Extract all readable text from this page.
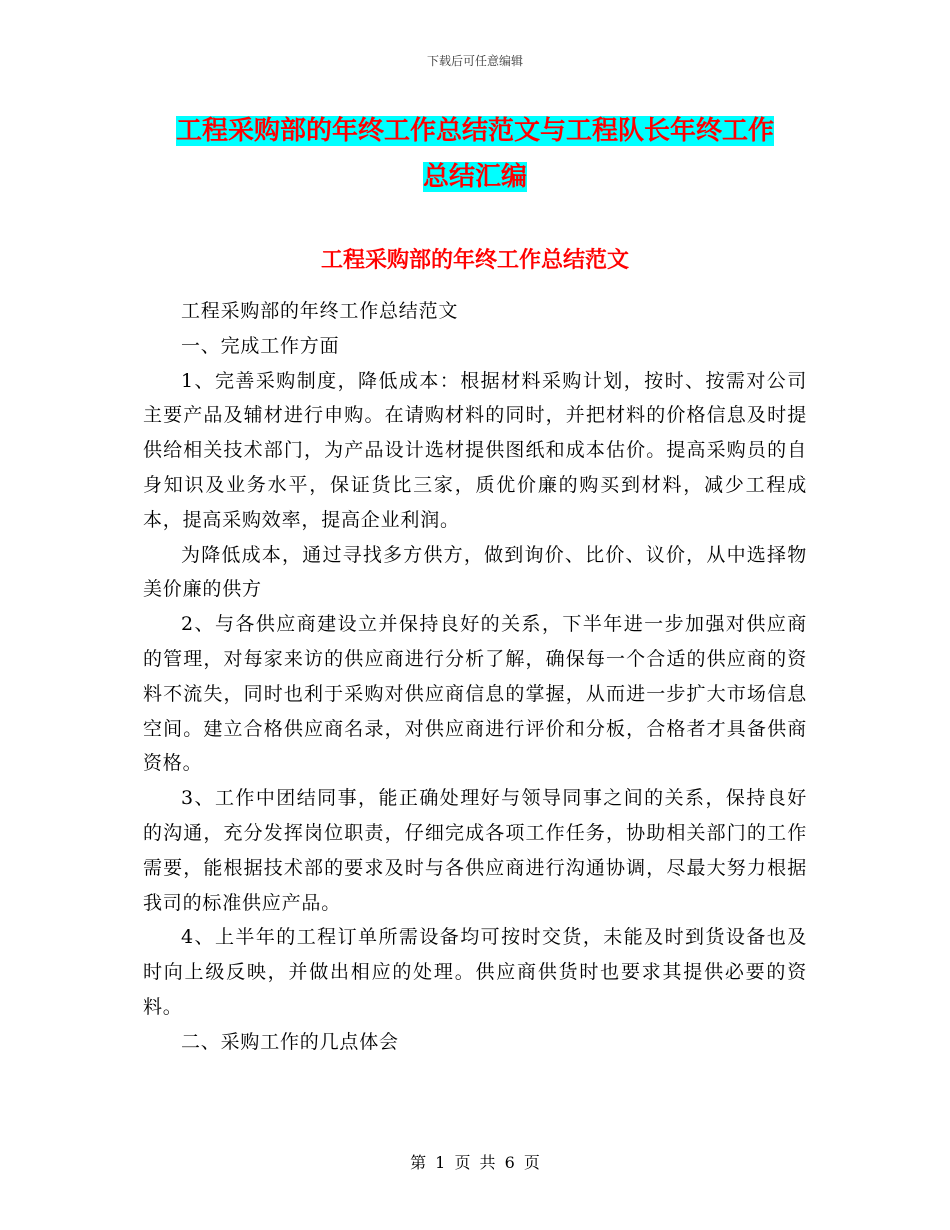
下载后可任意编辑
工程采购部的年终工作总结范文与工程队长年终工作
总结汇编
工程采购部的年终工作总结范文

工程采购部的年终工作总结范文

一、完成工作方面

1、完善采购制度，降低成本：根据材料采购计划，按时、按需对公司主要产品及辅材进行申购。在请购材料的同时，并把材料的价格信息及时提供给相关技术部门，为产品设计选材提供图纸和成本估价。提高采购员的自身知识及业务水平，保证货比三家，质优价廉的购买到材料，减少工程成本，提高采购效率，提高企业利润。

为降低成本，通过寻找多方供方，做到询价、比价、议价，从中选择物美价廉的供方

2、与各供应商建设立并保持良好的关系，下半年进一步加强对供应商的管理，对每家来访的供应商进行分析了解，确保每一个合适的供应商的资料不流失，同时也利于采购对供应商信息的掌握，从而进一步扩大市场信息空间。建立合格供应商名录，对供应商进行评价和分板，合格者才具备供商资格。

3、工作中团结同事，能正确处理好与领导同事之间的关系，保持良好的沟通，充分发挥岗位职责，仔细完成各项工作任务，协助相关部门的工作需要，能根据技术部的要求及时与各供应商进行沟通协调，尽最大努力根据我司的标准供应产品。

4、上半年的工程订单所需设备均可按时交货，未能及时到货设备也及时向上级反映，并做出相应的处理。供应商供货时也要求其提供必要的资料。

二、采购工作的几点体会

第 1 页 共 6 页
